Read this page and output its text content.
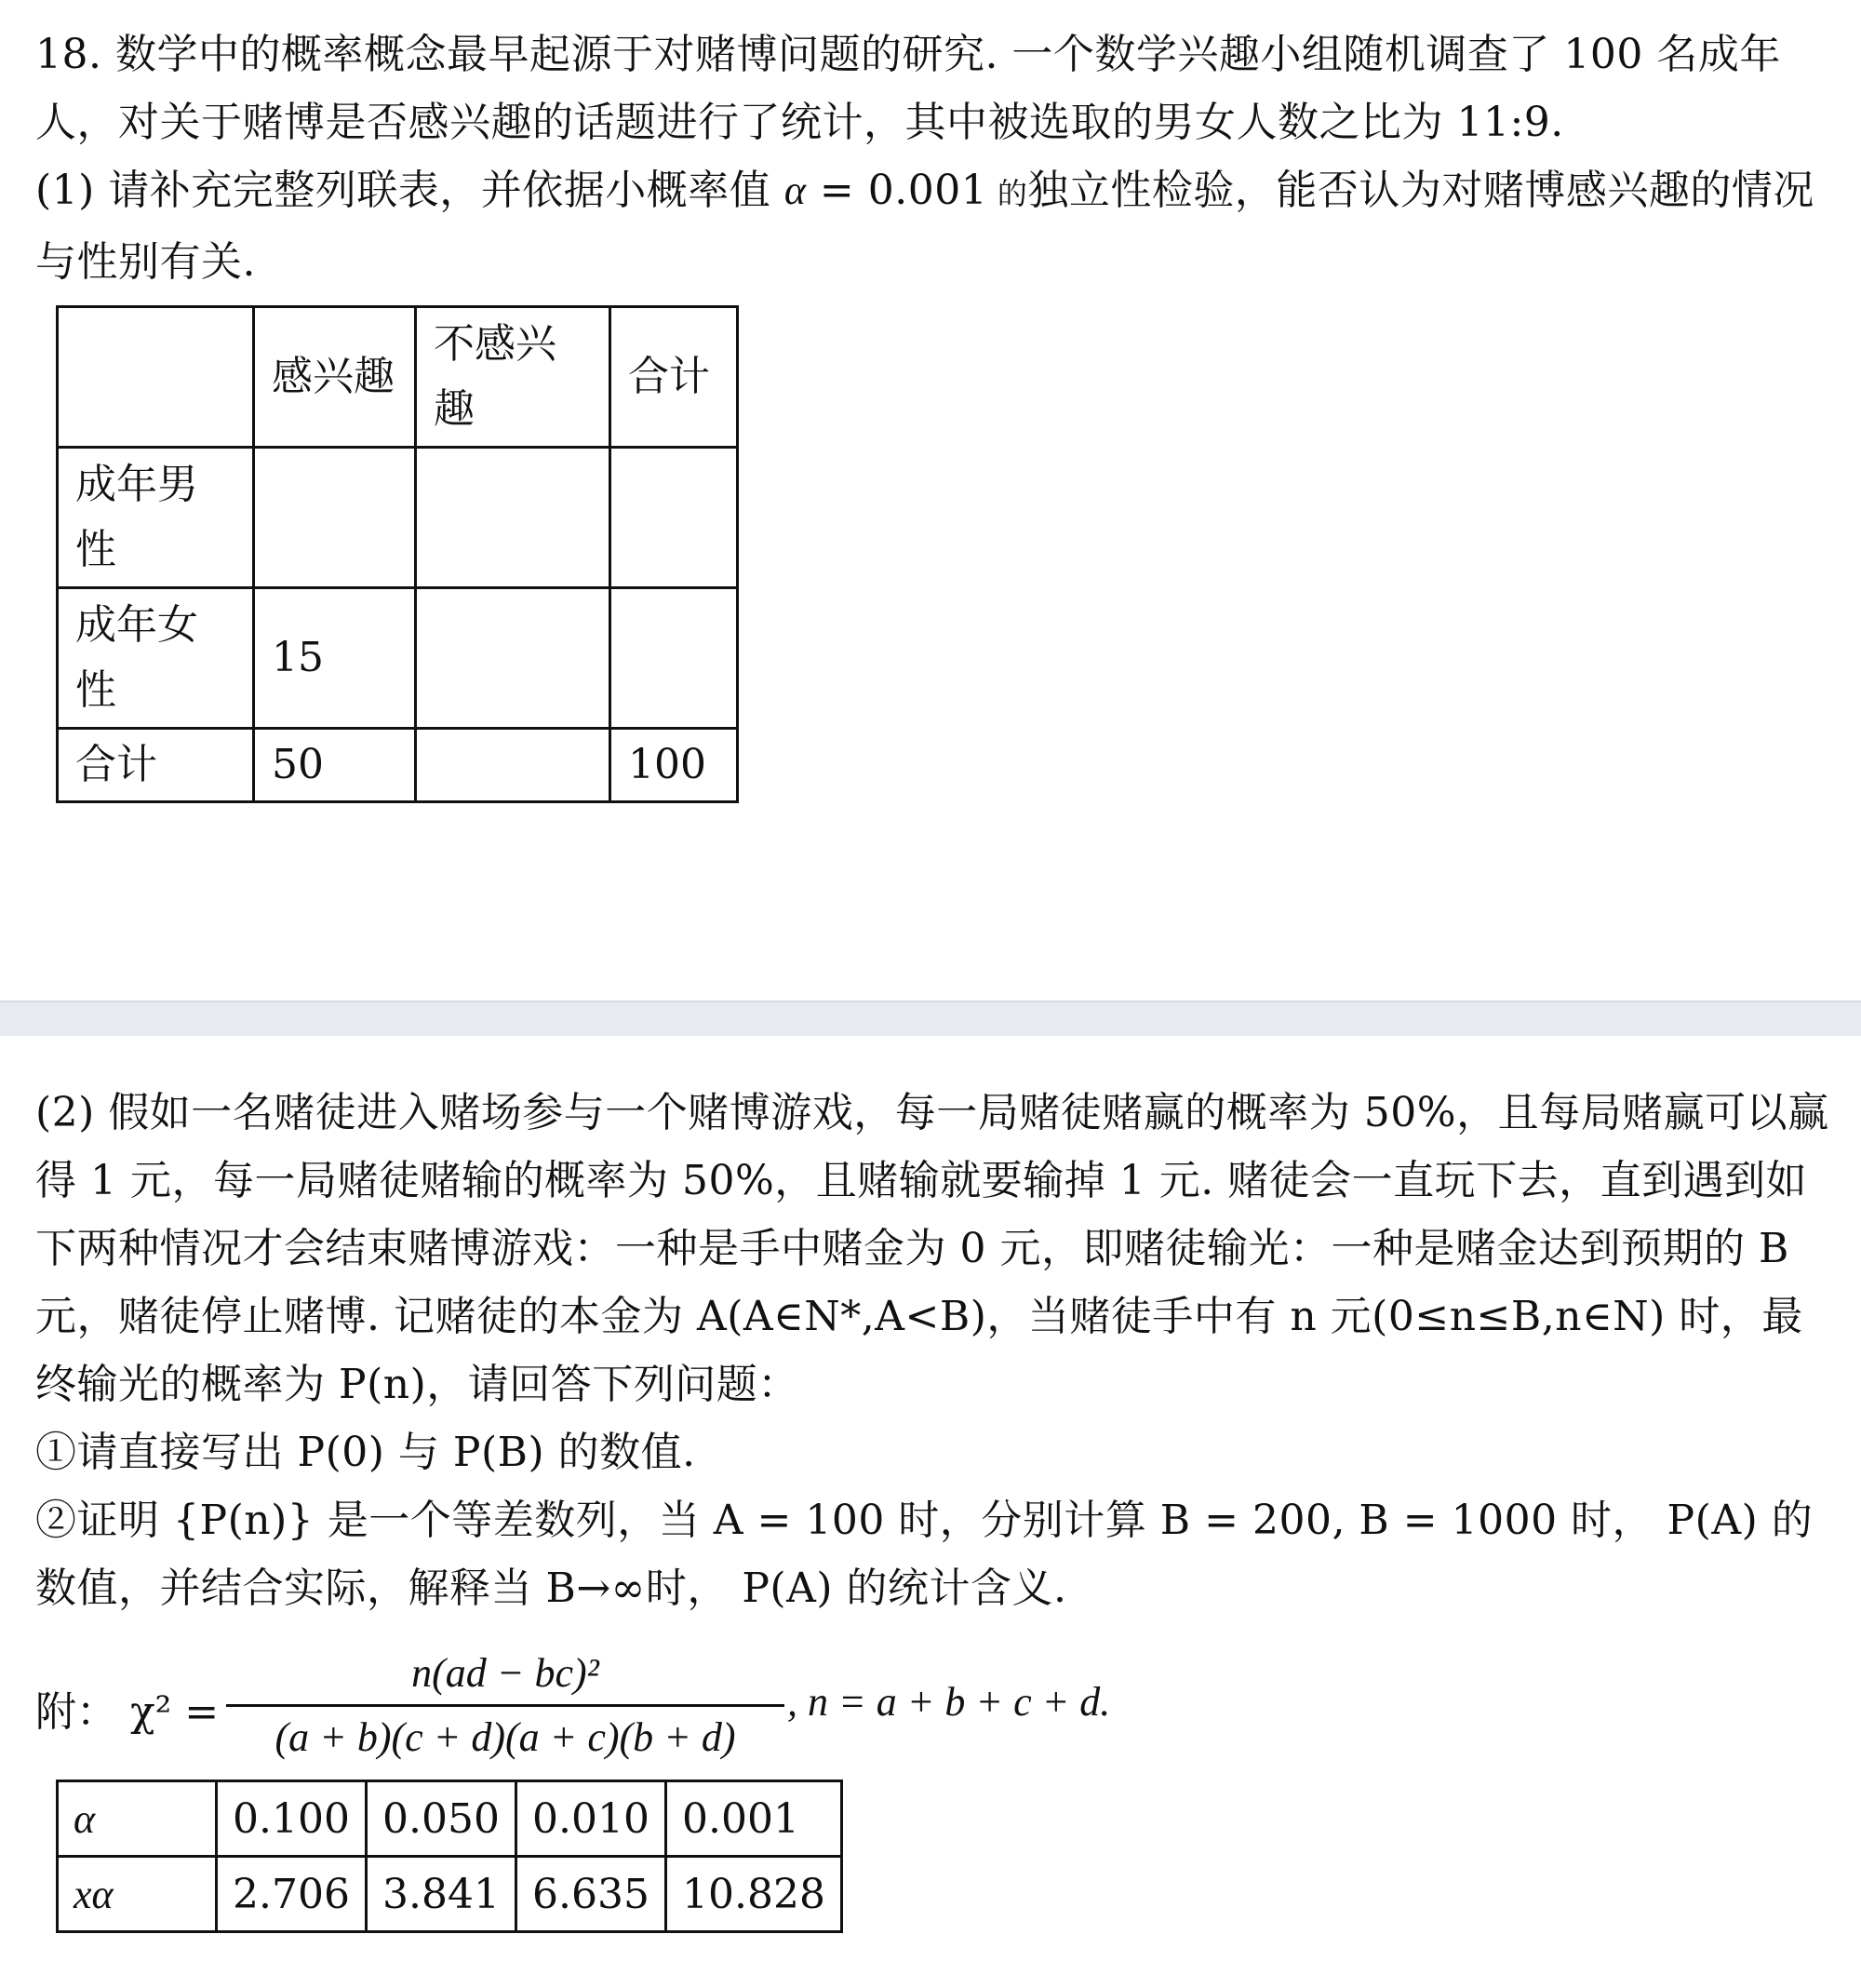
18. 数学中的概率概念最早起源于对赌博问题的研究. 一个数学兴趣小组随机调查了 100 名成年人，对关于赌博是否感兴趣的话题进行了统计，其中被选取的男女人数之比为 11:9.
(1) 请补充完整列联表，并依据小概率值 α = 0.001 的独立性检验，能否认为对赌博感兴趣的情况与性别有关.
	感兴趣	不感兴趣	合计
成年男性			
成年女性	15		
合计	50		100
(2) 假如一名赌徒进入赌场参与一个赌博游戏，每一局赌徒赌赢的概率为 50%，且每局赌赢可以赢得 1 元，每一局赌徒赌输的概率为 50%，且赌输就要输掉 1 元. 赌徒会一直玩下去，直到遇到如下两种情况才会结束赌博游戏：一种是手中赌金为 0 元，即赌徒输光：一种是赌金达到预期的 B 元，赌徒停止赌博. 记赌徒的本金为 A(A∈N*,A<B)，当赌徒手中有 n 元(0≤n≤B,n∈N) 时，最终输光的概率为 P(n)，请回答下列问题：
①请直接写出 P(0) 与 P(B) 的数值.
②证明 {P(n)} 是一个等差数列，当 A = 100 时，分别计算 B = 200, B = 1000 时， P(A) 的数值，并结合实际，解释当 B→∞时， P(A) 的统计含义.
附： χ² =
n(ad − bc)²
(a + b)(c + d)(a + c)(b + d)
, n = a + b + c + d.
α	0.100	0.050	0.010	0.001
xα	2.706	3.841	6.635	10.828
